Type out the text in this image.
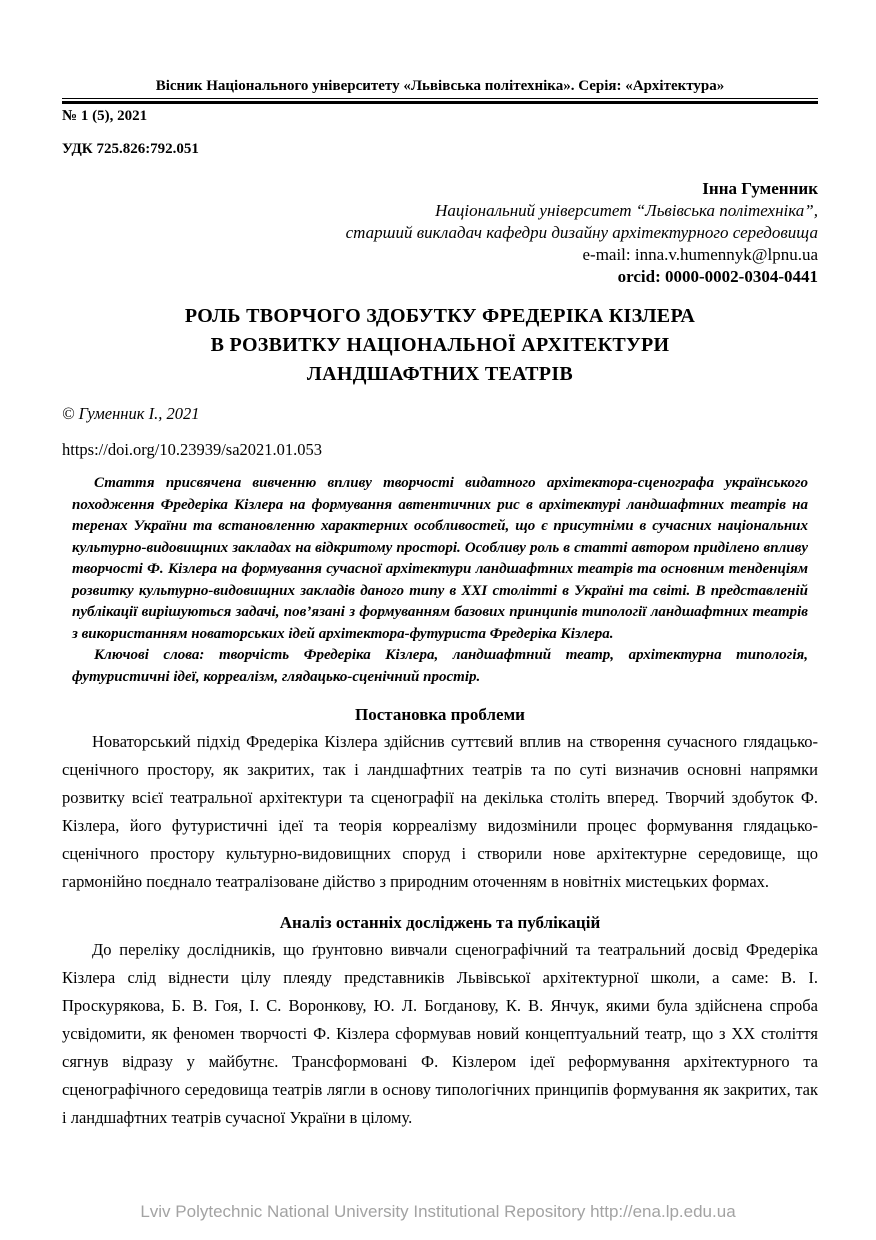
Вісник Національного університету «Львівська політехніка». Серія: «Архітектура»
№ 1 (5), 2021
УДК 725.826:792.051
Інна Гуменник
Національний університет “Львівська політехніка”,
старший викладач кафедри дизайну архітектурного середовища
e-mail: inna.v.humennyk@lpnu.ua
orcid: 0000-0002-0304-0441
РОЛЬ ТВОРЧОГО ЗДОБУТКУ ФРЕДЕРІКА КІЗЛЕРА
В РОЗВИТКУ НАЦІОНАЛЬНОЇ АРХІТЕКТУРИ
ЛАНДШАФТНИХ ТЕАТРІВ
© Гуменник І., 2021
https://doi.org/10.23939/sa2021.01.053

Стаття присвячена вивченню впливу творчості видатного архітектора-сценографа українського походження Фредеріка Кізлера на формування автентичних рис в архітектурі ландшафтних театрів на теренах України та встановленню характерних особливостей, що є присутніми в сучасних національних культурно-видовищних закладах на відкритому просторі. Особливу роль в статті автором приділено впливу творчості Ф. Кізлера на формування сучасної архітектури ландшафтних театрів та основним тенденціям розвитку культурно-видовищних закладів даного типу в ХХІ столітті в Україні та світі. В представленій публікації вирішуються задачі, пов’язані з формуванням базових принципів типології ландшафтних театрів з використанням новаторських ідей архітектора-футуриста Фредеріка Кізлера.

Ключові слова: творчість Фредеріка Кізлера, ландшафтний театр, архітектурна типологія, футуристичні ідеї, корреалізм, глядацько-сценічний простір.

Постановка проблеми

Новаторський підхід Фредеріка Кізлера здійснив суттєвий вплив на створення сучасного глядацько-сценічного простору, як закритих, так і ландшафтних театрів та по суті визначив основні напрямки розвитку всієї театральної архітектури та сценографії на декілька століть вперед. Творчий здобуток Ф. Кізлера, його футуристичні ідеї та теорія корреалізму видозмінили процес формування глядацько-сценічного простору культурно-видовищних споруд і створили нове архітектурне середовище, що гармонійно поєднало театралізоване дійство з природним оточенням в новітніх мистецьких формах.

Аналіз останніх досліджень та публікацій

До переліку дослідників, що ґрунтовно вивчали сценографічний та театральний досвід Фредеріка Кізлера слід віднести цілу плеяду представників Львівської архітектурної школи, а саме: В. І. Проскурякова, Б. В. Гоя, І. С. Воронкову, Ю. Л. Богданову, К. В. Янчук, якими була здійснена спроба усвідомити, як феномен творчості Ф. Кізлера сформував новий концептуальний театр, що з ХХ століття сягнув відразу у майбутнє. Трансформовані Ф. Кізлером ідеї реформування архітектурного та сценографічного середовища театрів лягли в основу типологічних принципів формування як закритих, так і ландшафтних театрів сучасної України в цілому.

Lviv Polytechnic National University Institutional Repository http://ena.lp.edu.ua
